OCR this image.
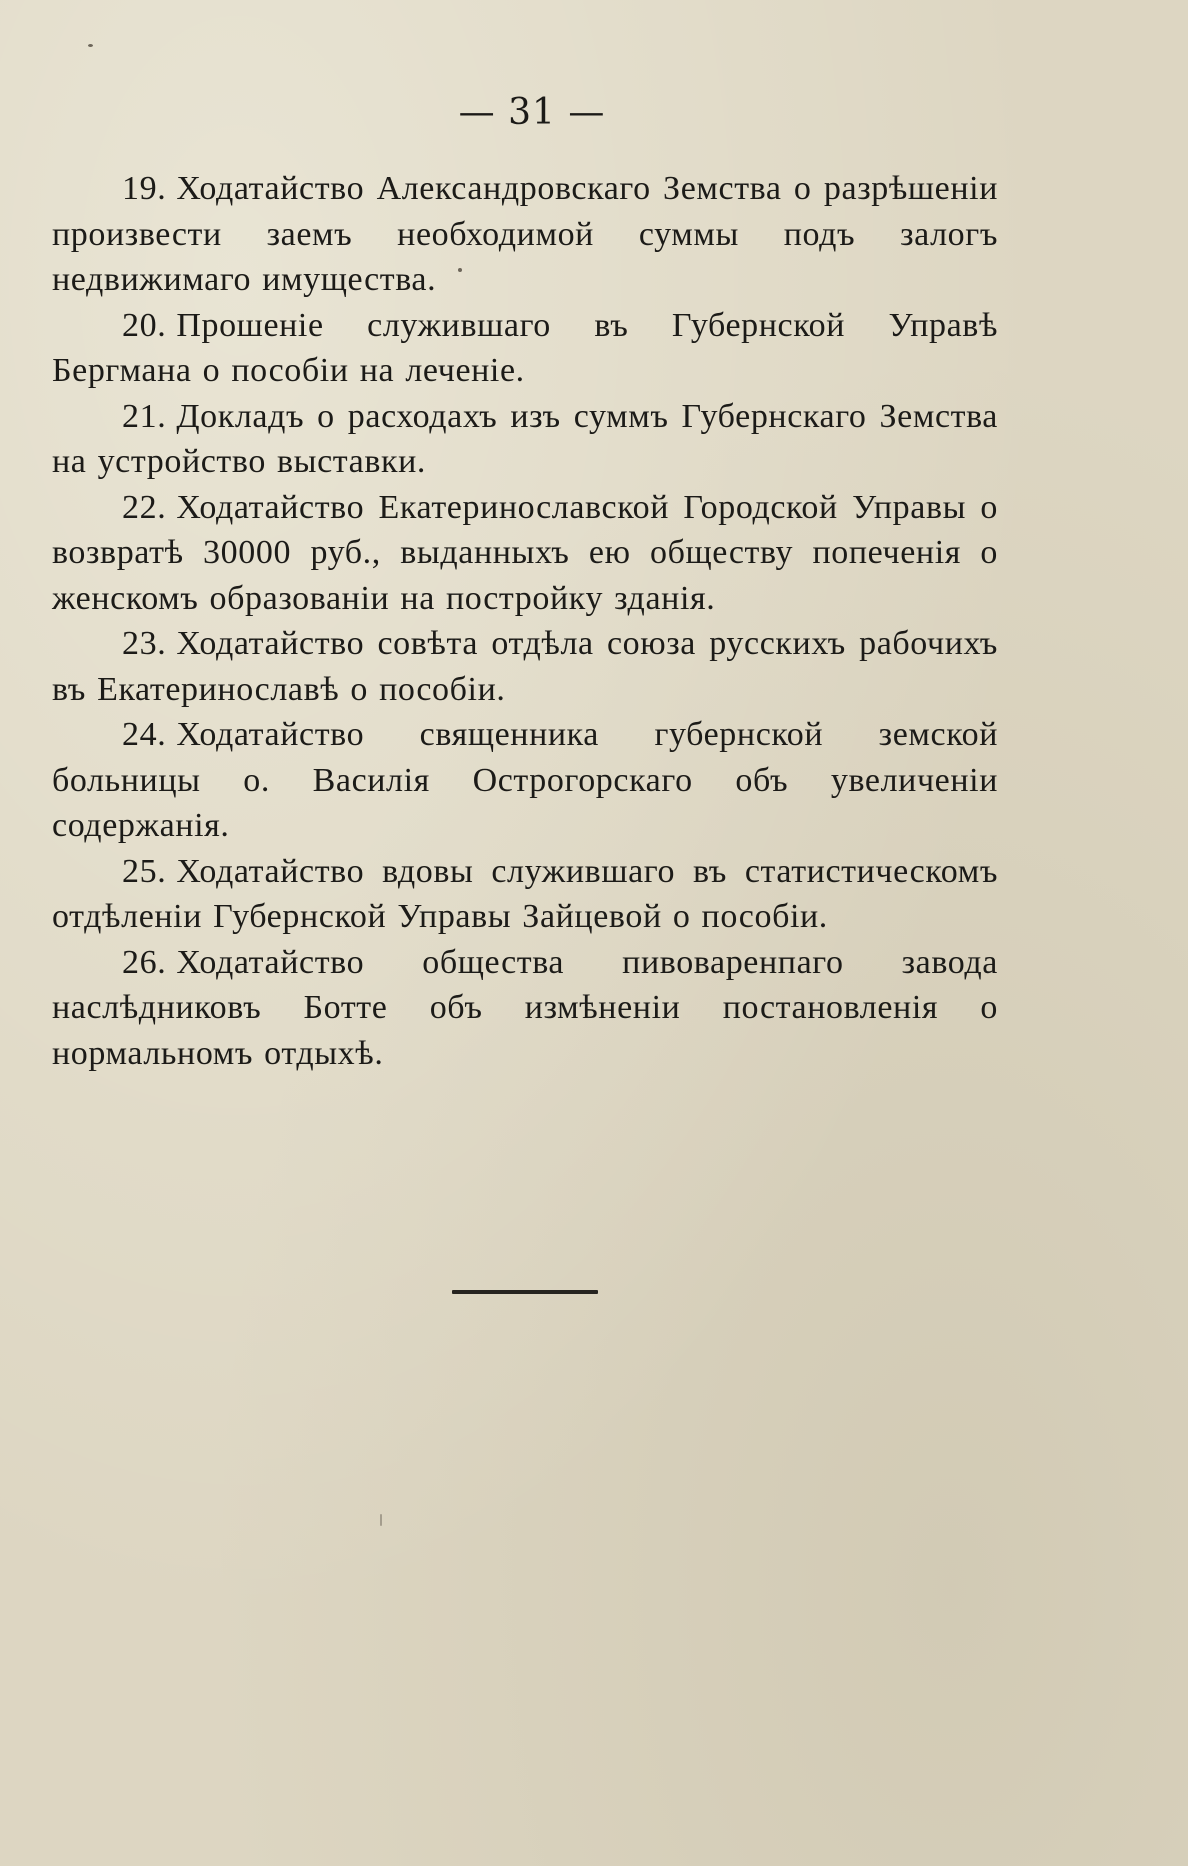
— 31 —

19. Ходатайство Александровскаго Земства о разрѣшеніи произвести заемъ необходимой суммы подъ залогъ недвижимаго имущества.

20. Прошеніе служившаго въ Губернской Управѣ Бергмана о пособіи на леченіе.

21. Докладъ о расходахъ изъ суммъ Губернскаго Земства на устройство выставки.

22. Ходатайство Екатеринославской Городской Управы о возвратѣ 30000 руб., выданныхъ ею обществу попеченія о женскомъ образованіи на постройку зданія.

23. Ходатайство совѣта отдѣла союза русскихъ рабочихъ въ Екатеринославѣ о пособіи.

24. Ходатайство священника губернской земской больницы о. Василія Острогорскаго объ увеличеніи содержанія.

25. Ходатайство вдовы служившаго въ статистическомъ отдѣленіи Губернской Управы Зайцевой о пособіи.

26. Ходатайство общества пивоваренпаго завода наслѣдниковъ Ботте объ измѣненіи постановленія о нормальномъ отдыхѣ.
